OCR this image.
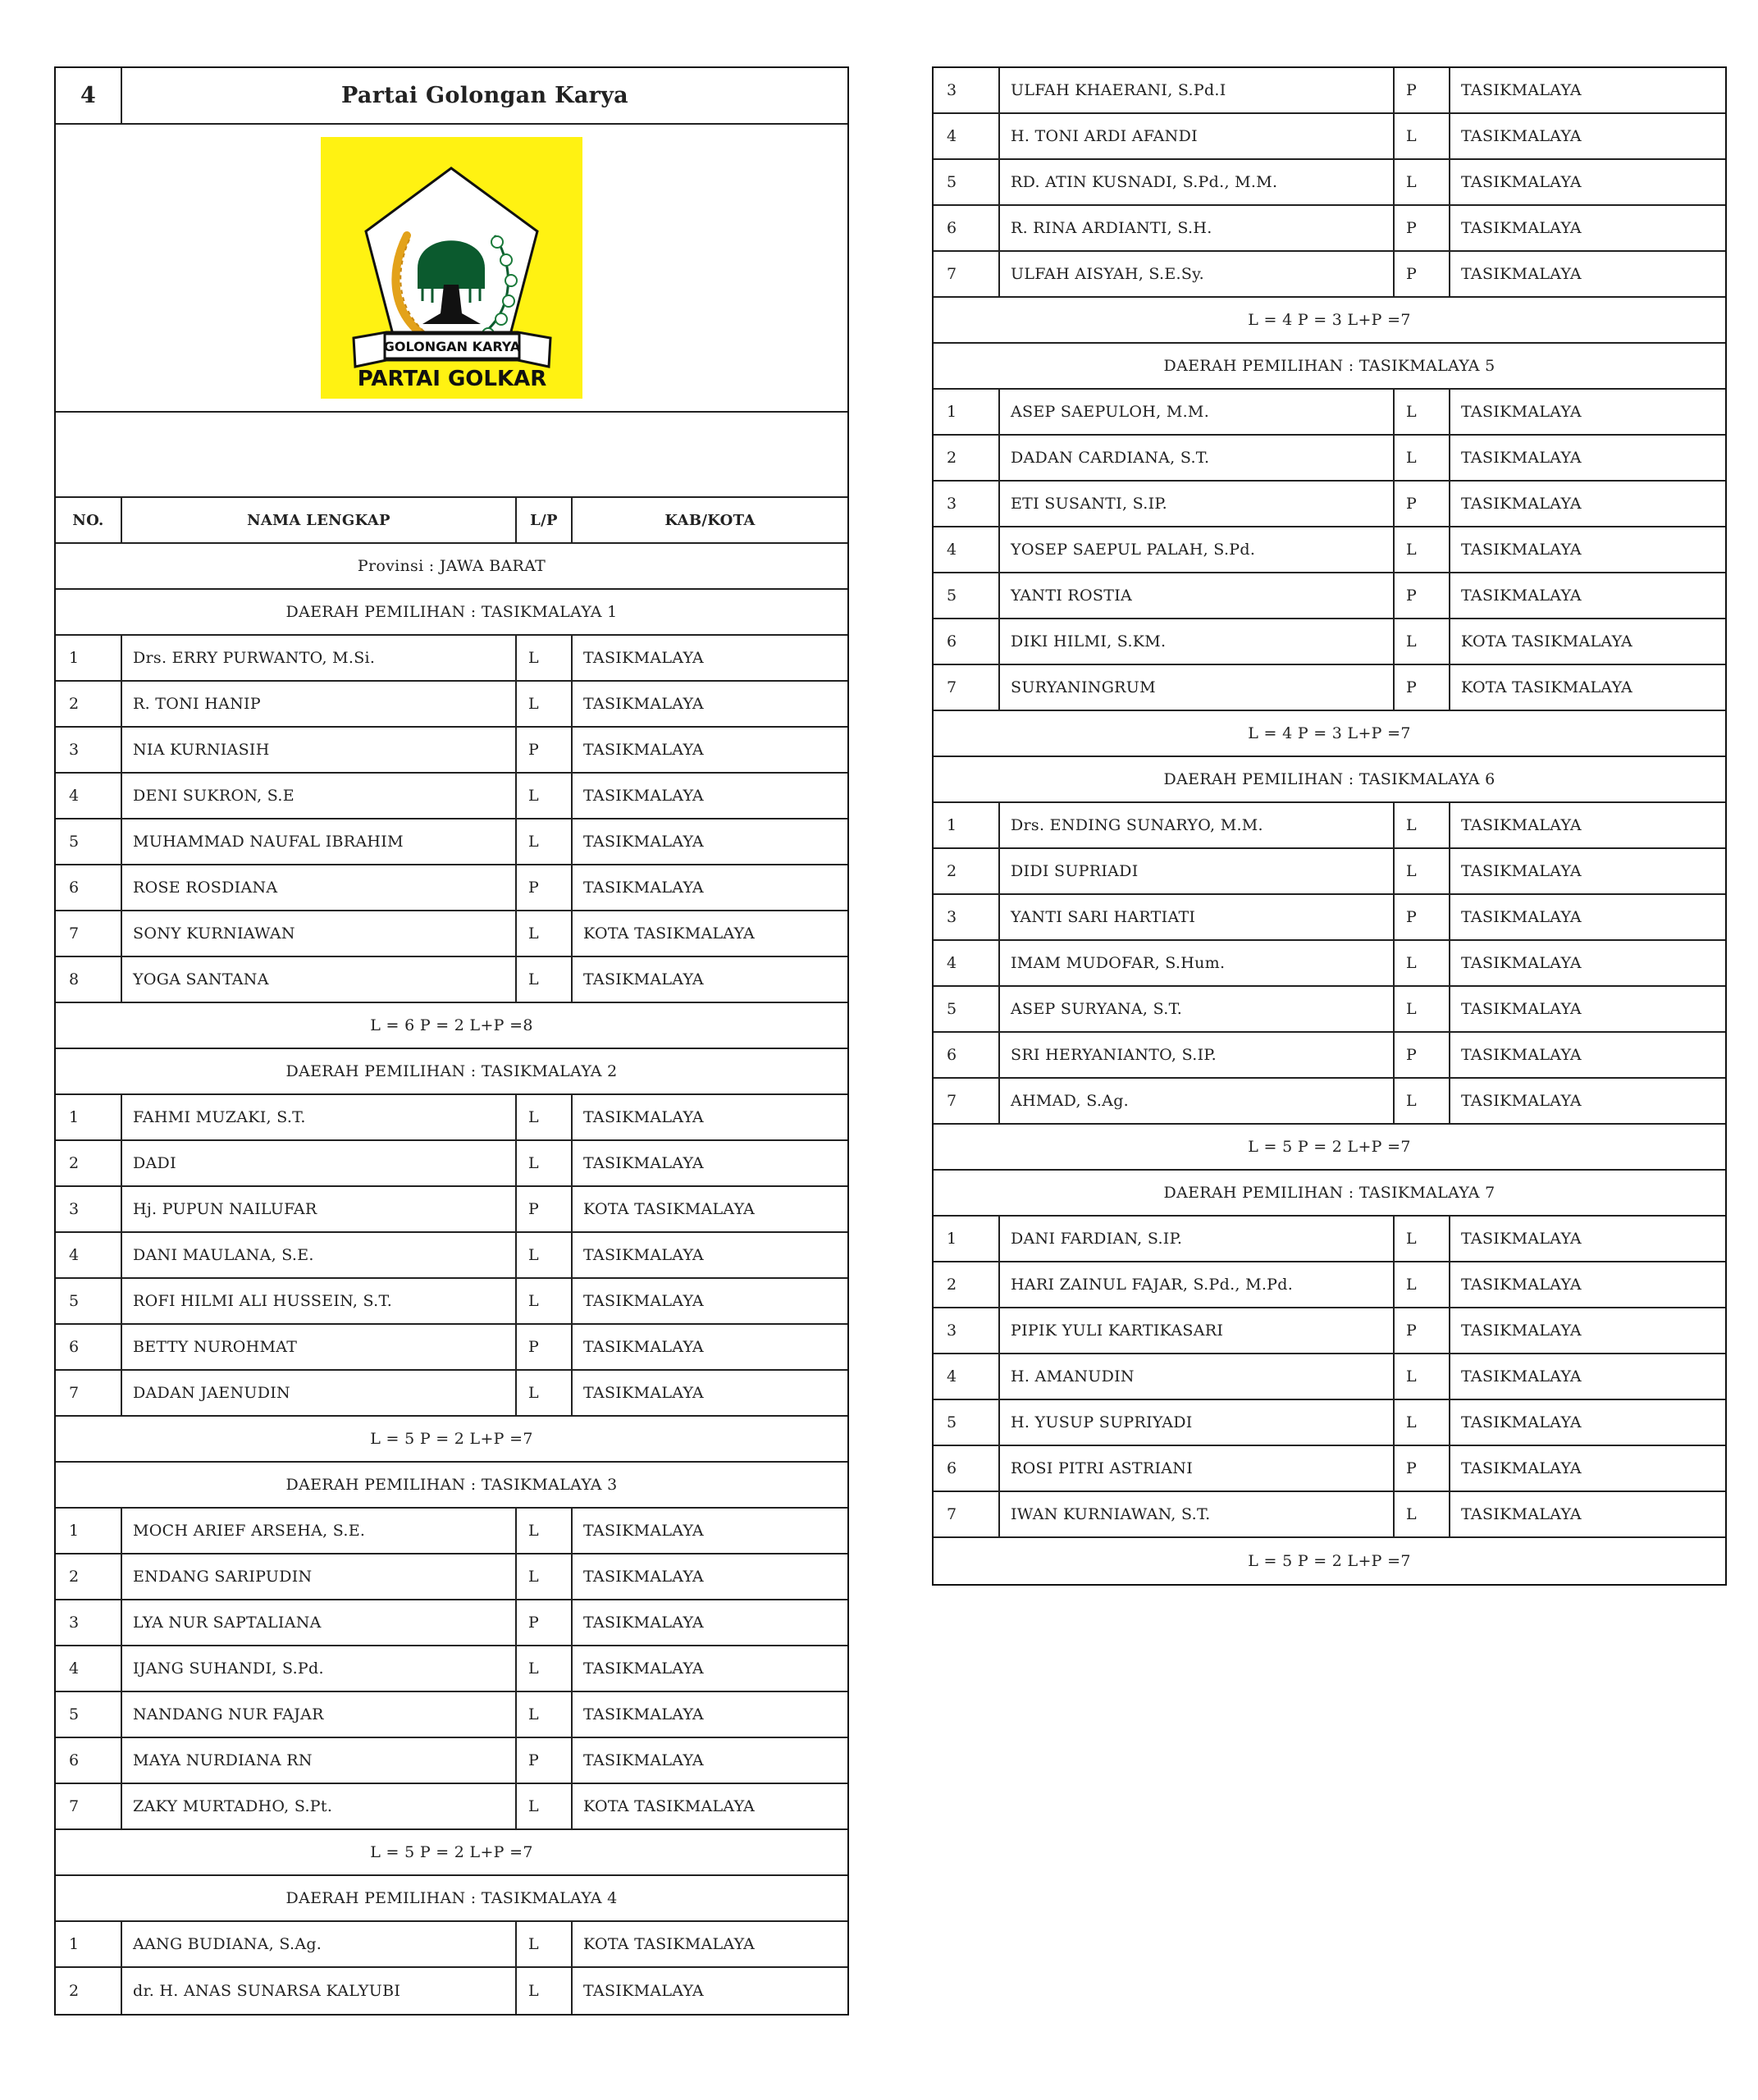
4	Partai Golongan Karya
GOLONGAN KARYA
PARTAI GOLKAR
NO.	NAMA LENGKAP	L/P	KAB/KOTA
Provinsi : JAWA BARAT
DAERAH PEMILIHAN : TASIKMALAYA 1
1	Drs. ERRY PURWANTO, M.Si.	L	TASIKMALAYA
2	R. TONI HANIP	L	TASIKMALAYA
3	NIA KURNIASIH	P	TASIKMALAYA
4	DENI SUKRON, S.E	L	TASIKMALAYA
5	MUHAMMAD NAUFAL IBRAHIM	L	TASIKMALAYA
6	ROSE ROSDIANA	P	TASIKMALAYA
7	SONY KURNIAWAN	L	KOTA TASIKMALAYA
8	YOGA SANTANA	L	TASIKMALAYA
L = 6 P = 2 L+P =8
DAERAH PEMILIHAN : TASIKMALAYA 2
1	FAHMI MUZAKI, S.T.	L	TASIKMALAYA
2	DADI	L	TASIKMALAYA
3	Hj. PUPUN NAILUFAR	P	KOTA TASIKMALAYA
4	DANI MAULANA, S.E.	L	TASIKMALAYA
5	ROFI HILMI ALI HUSSEIN, S.T.	L	TASIKMALAYA
6	BETTY NUROHMAT	P	TASIKMALAYA
7	DADAN JAENUDIN	L	TASIKMALAYA
L = 5 P = 2 L+P =7
DAERAH PEMILIHAN : TASIKMALAYA 3
1	MOCH ARIEF ARSEHA, S.E.	L	TASIKMALAYA
2	ENDANG SARIPUDIN	L	TASIKMALAYA
3	LYA NUR SAPTALIANA	P	TASIKMALAYA
4	IJANG SUHANDI, S.Pd.	L	TASIKMALAYA
5	NANDANG NUR FAJAR	L	TASIKMALAYA
6	MAYA NURDIANA RN	P	TASIKMALAYA
7	ZAKY MURTADHO, S.Pt.	L	KOTA TASIKMALAYA
L = 5 P = 2 L+P =7
DAERAH PEMILIHAN : TASIKMALAYA 4
1	AANG BUDIANA, S.Ag.	L	KOTA TASIKMALAYA
2	dr. H. ANAS SUNARSA KALYUBI	L	TASIKMALAYA
3	ULFAH KHAERANI, S.Pd.I	P	TASIKMALAYA
4	H. TONI ARDI AFANDI	L	TASIKMALAYA
5	RD. ATIN KUSNADI, S.Pd., M.M.	L	TASIKMALAYA
6	R. RINA ARDIANTI, S.H.	P	TASIKMALAYA
7	ULFAH AISYAH, S.E.Sy.	P	TASIKMALAYA
L = 4 P = 3 L+P =7
DAERAH PEMILIHAN : TASIKMALAYA 5
1	ASEP SAEPULOH, M.M.	L	TASIKMALAYA
2	DADAN CARDIANA, S.T.	L	TASIKMALAYA
3	ETI SUSANTI, S.IP.	P	TASIKMALAYA
4	YOSEP SAEPUL PALAH, S.Pd.	L	TASIKMALAYA
5	YANTI ROSTIA	P	TASIKMALAYA
6	DIKI HILMI, S.KM.	L	KOTA TASIKMALAYA
7	SURYANINGRUM	P	KOTA TASIKMALAYA
L = 4 P = 3 L+P =7
DAERAH PEMILIHAN : TASIKMALAYA 6
1	Drs. ENDING SUNARYO, M.M.	L	TASIKMALAYA
2	DIDI SUPRIADI	L	TASIKMALAYA
3	YANTI SARI HARTIATI	P	TASIKMALAYA
4	IMAM MUDOFAR, S.Hum.	L	TASIKMALAYA
5	ASEP SURYANA, S.T.	L	TASIKMALAYA
6	SRI HERYANIANTO, S.IP.	P	TASIKMALAYA
7	AHMAD, S.Ag.	L	TASIKMALAYA
L = 5 P = 2 L+P =7
DAERAH PEMILIHAN : TASIKMALAYA 7
1	DANI FARDIAN, S.IP.	L	TASIKMALAYA
2	HARI ZAINUL FAJAR, S.Pd., M.Pd.	L	TASIKMALAYA
3	PIPIK YULI KARTIKASARI	P	TASIKMALAYA
4	H. AMANUDIN	L	TASIKMALAYA
5	H. YUSUP SUPRIYADI	L	TASIKMALAYA
6	ROSI PITRI ASTRIANI	P	TASIKMALAYA
7	IWAN KURNIAWAN, S.T.	L	TASIKMALAYA
L = 5 P = 2 L+P =7
